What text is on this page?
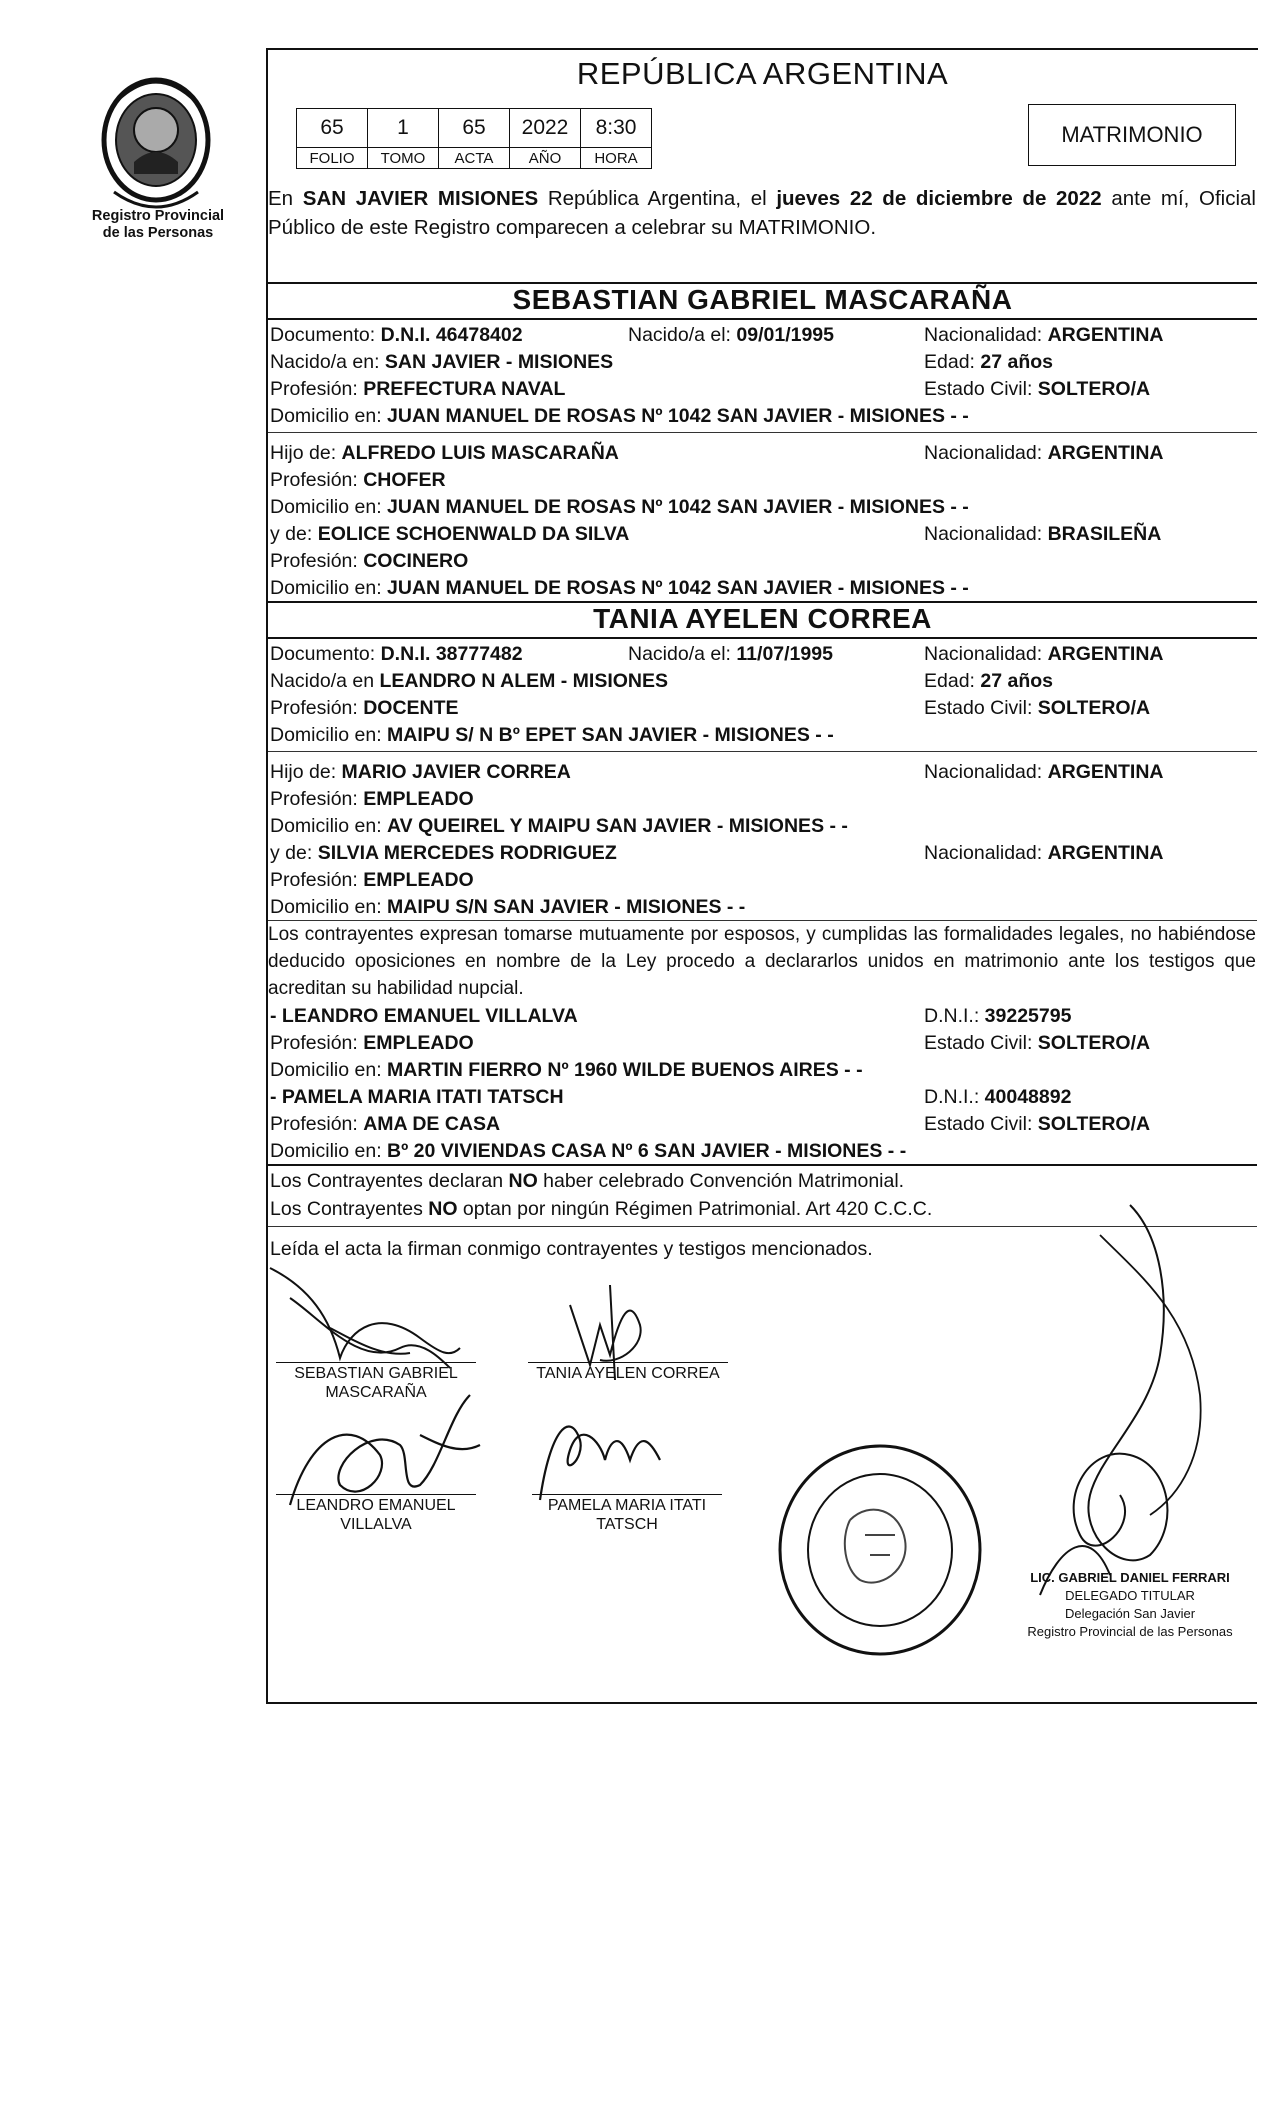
Registro Provincial
de las Personas
REPÚBLICA ARGENTINA
65	1	65	2022	8:30
FOLIO	TOMO	ACTA	AÑO	HORA
MATRIMONIO
En SAN JAVIER MISIONES República Argentina, el jueves 22 de diciembre de 2022 ante mí, Oficial Público de este Registro comparecen a celebrar su MATRIMONIO.
SEBASTIAN GABRIEL MASCARAÑA
Documento: D.N.I. 46478402	Nacido/a el: 09/01/1995	Nacionalidad: ARGENTINA
Nacido/a en: SAN JAVIER - MISIONES	Edad: 27 años
Profesión: PREFECTURA NAVAL	Estado Civil: SOLTERO/A
Domicilio en: JUAN MANUEL DE ROSAS Nº 1042 SAN JAVIER - MISIONES - -
Hijo de: ALFREDO LUIS MASCARAÑA	Nacionalidad: ARGENTINA
Profesión: CHOFER
Domicilio en: JUAN MANUEL DE ROSAS Nº 1042 SAN JAVIER - MISIONES - -
y de: EOLICE SCHOENWALD DA SILVA	Nacionalidad: BRASILEÑA
Profesión: COCINERO
Domicilio en: JUAN MANUEL DE ROSAS Nº 1042 SAN JAVIER - MISIONES - -
TANIA AYELEN CORREA
Documento: D.N.I. 38777482	Nacido/a el: 11/07/1995	Nacionalidad: ARGENTINA
Nacido/a en LEANDRO N ALEM - MISIONES	Edad: 27 años
Profesión: DOCENTE	Estado Civil: SOLTERO/A
Domicilio en: MAIPU S/ N Bº EPET SAN JAVIER - MISIONES - -
Hijo de: MARIO JAVIER CORREA	Nacionalidad: ARGENTINA
Profesión: EMPLEADO
Domicilio en: AV QUEIREL Y MAIPU SAN JAVIER - MISIONES - -
y de: SILVIA MERCEDES RODRIGUEZ	Nacionalidad: ARGENTINA
Profesión: EMPLEADO
Domicilio en: MAIPU S/N SAN JAVIER - MISIONES - -
Los contrayentes expresan tomarse mutuamente por esposos, y cumplidas las formalidades legales, no habiéndose deducido oposiciones en nombre de la Ley procedo a declararlos unidos en matrimonio ante los testigos que acreditan su habilidad nupcial.
- LEANDRO EMANUEL VILLALVA	D.N.I.: 39225795
Profesión: EMPLEADO	Estado Civil: SOLTERO/A
Domicilio en: MARTIN FIERRO Nº 1960 WILDE BUENOS AIRES - -
- PAMELA MARIA ITATI TATSCH	D.N.I.: 40048892
Profesión: AMA DE CASA	Estado Civil: SOLTERO/A
Domicilio en: Bº 20 VIVIENDAS CASA Nº 6 SAN JAVIER - MISIONES - -
Los Contrayentes declaran NO haber celebrado Convención Matrimonial.
Los Contrayentes NO optan por ningún Régimen Patrimonial. Art 420 C.C.C.
Leída el acta la firman conmigo contrayentes y testigos mencionados.
SEBASTIAN GABRIEL
MASCARAÑA
TANIA AYELEN CORREA
LEANDRO EMANUEL
VILLALVA
PAMELA MARIA ITATI
TATSCH
LIC. GABRIEL DANIEL FERRARI
DELEGADO TITULAR
Delegación San Javier
Registro Provincial de las Personas
